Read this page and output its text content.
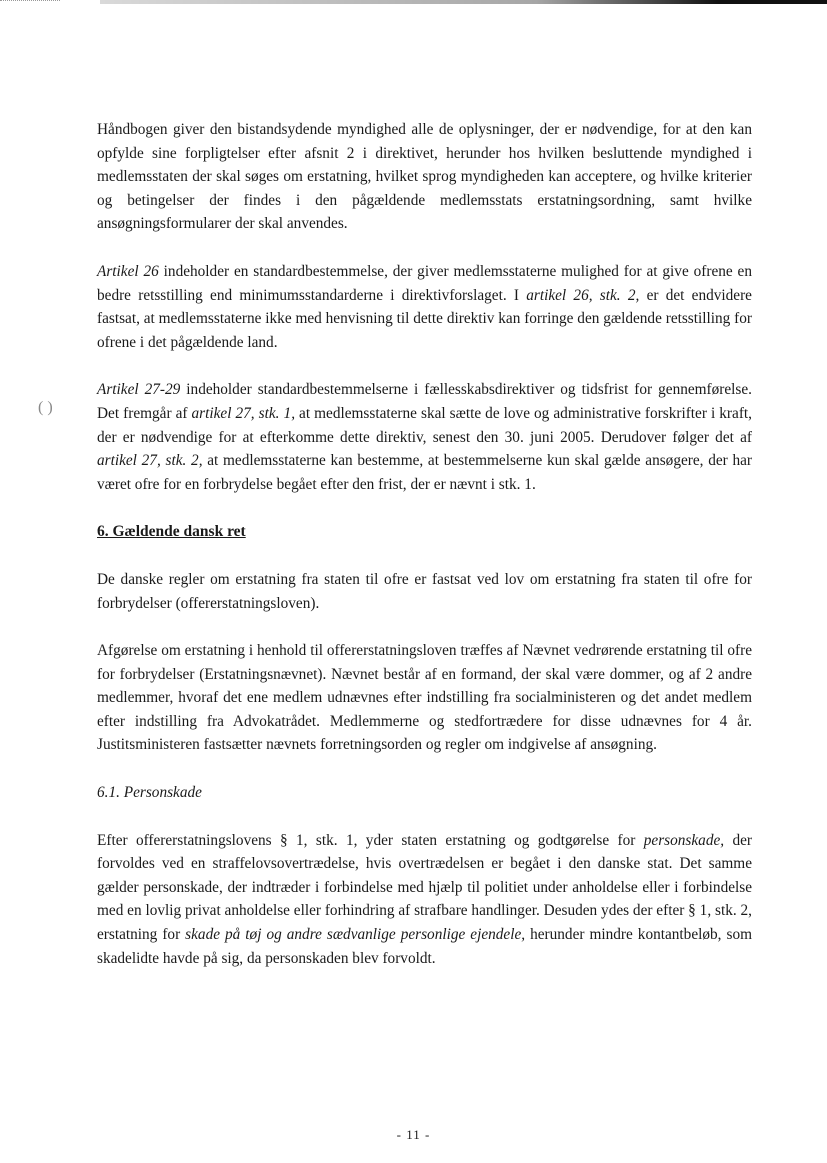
( )

Håndbogen giver den bistandsydende myndighed alle de oplysninger, der er nødvendige, for at den kan opfylde sine forpligtelser efter afsnit 2 i direktivet, herunder hos hvilken besluttende myndighed i medlemsstaten der skal søges om erstatning, hvilket sprog myndigheden kan acceptere, og hvilke kriterier og betingelser der findes i den pågældende medlemsstats erstatningsordning, samt hvilke ansøgningsformularer der skal anvendes.

Artikel 26 indeholder en standardbestemmelse, der giver medlemsstaterne mulighed for at give ofrene en bedre retsstilling end minimumsstandarderne i direktivforslaget. I artikel 26, stk. 2, er det endvidere fastsat, at medlemsstaterne ikke med henvisning til dette direktiv kan forringe den gældende retsstilling for ofrene i det pågældende land.

Artikel 27-29 indeholder standardbestemmelserne i fællesskabsdirektiver og tidsfrist for gennemførelse. Det fremgår af artikel 27, stk. 1, at medlemsstaterne skal sætte de love og administrative forskrifter i kraft, der er nødvendige for at efterkomme dette direktiv, senest den 30. juni 2005. Derudover følger det af artikel 27, stk. 2, at medlemsstaterne kan bestemme, at bestemmelserne kun skal gælde ansøgere, der har været ofre for en forbrydelse begået efter den frist, der er nævnt i stk. 1.

6. Gældende dansk ret

De danske regler om erstatning fra staten til ofre er fastsat ved lov om erstatning fra staten til ofre for forbrydelser (offererstatningsloven).

Afgørelse om erstatning i henhold til offererstatningsloven træffes af Nævnet vedrørende erstatning til ofre for forbrydelser (Erstatningsnævnet). Nævnet består af en formand, der skal være dommer, og af 2 andre medlemmer, hvoraf det ene medlem udnævnes efter indstilling fra socialministeren og det andet medlem efter indstilling fra Advokatrådet. Medlemmerne og stedfortrædere for disse udnævnes for 4 år. Justitsministeren fastsætter nævnets forretningsorden og regler om indgivelse af ansøgning.

6.1. Personskade

Efter offererstatningslovens § 1, stk. 1, yder staten erstatning og godtgørelse for personskade, der forvoldes ved en straffelovsovertrædelse, hvis overtrædelsen er begået i den danske stat. Det samme gælder personskade, der indtræder i forbindelse med hjælp til politiet under anholdelse eller i forbindelse med en lovlig privat anholdelse eller forhindring af strafbare handlinger. Desuden ydes der efter § 1, stk. 2, erstatning for skade på tøj og andre sædvanlige personlige ejendele, herunder mindre kontantbeløb, som skadelidte havde på sig, da personskaden blev forvoldt.

- 11 -
